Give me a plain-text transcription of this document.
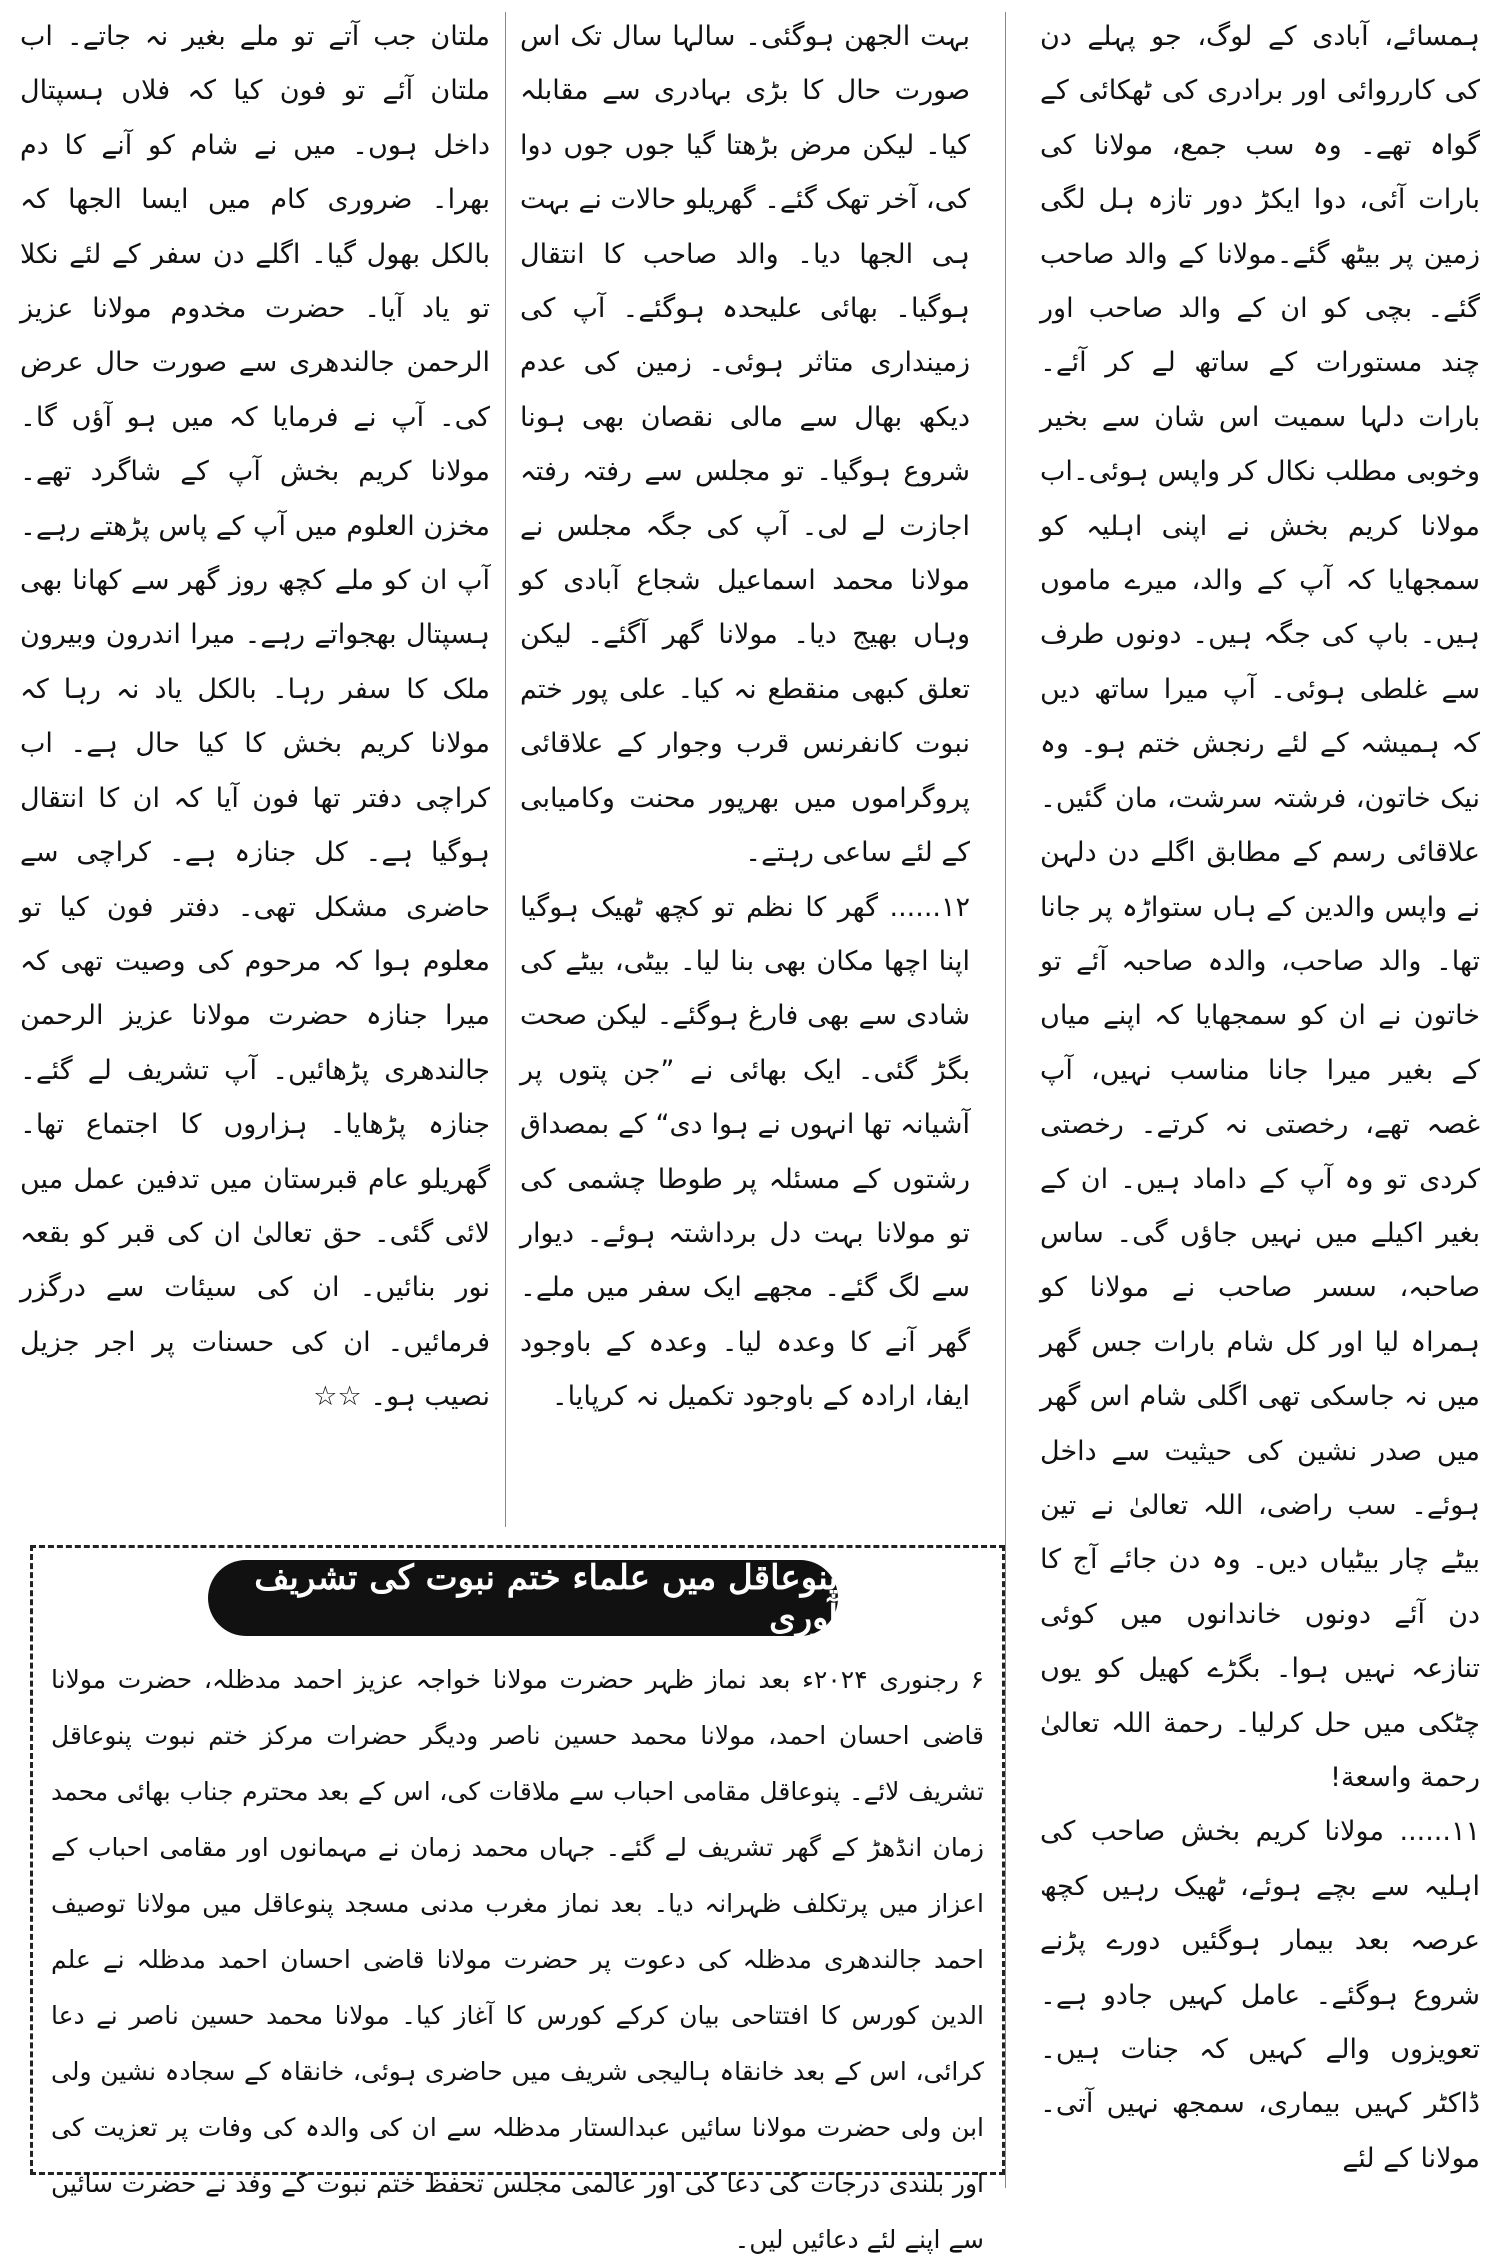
ہمسائے، آبادی کے لوگ، جو پہلے دن کی کارروائی اور برادری کی ٹھکائی کے گواہ تھے۔ وہ سب جمع، مولانا کی بارات آئی، دوا ایکڑ دور تازہ ہل لگی زمین پر بیٹھ گئے۔مولانا کے والد صاحب گئے۔ بچی کو ان کے والد صاحب اور چند مستورات کے ساتھ لے کر آئے۔ بارات دلہا سمیت اس شان سے بخیر وخوبی مطلب نکال کر واپس ہوئی۔اب مولانا کریم بخش نے اپنی اہلیہ کو سمجھایا کہ آپ کے والد، میرے ماموں ہیں۔ باپ کی جگہ ہیں۔ دونوں طرف سے غلطی ہوئی۔ آپ میرا ساتھ دیں کہ ہمیشہ کے لئے رنجش ختم ہو۔ وہ نیک خاتون، فرشتہ سرشت، مان گئیں۔ علاقائی رسم کے مطابق اگلے دن دلہن نے واپس والدین کے ہاں ستواڑہ پر جانا تھا۔ والد صاحب، والدہ صاحبہ آئے تو خاتون نے ان کو سمجھایا کہ اپنے میاں کے بغیر میرا جانا مناسب نہیں، آپ غصہ تھے، رخصتی نہ کرتے۔ رخصتی کردی تو وہ آپ کے داماد ہیں۔ ان کے بغیر اکیلے میں نہیں جاؤں گی۔ ساس صاحبہ، سسر صاحب نے مولانا کو ہمراہ لیا اور کل شام بارات جس گھر میں نہ جاسکی تھی اگلی شام اس گھر میں صدر نشین کی حیثیت سے داخل ہوئے۔ سب راضی، اللہ تعالیٰ نے تین بیٹے چار بیٹیاں دیں۔ وہ دن جائے آج کا دن آئے دونوں خاندانوں میں کوئی تنازعہ نہیں ہوا۔ بگڑے کھیل کو یوں چٹکی میں حل کرلیا۔ رحمة اللہ تعالیٰ رحمة واسعة!

۱۱...... مولانا کریم بخش صاحب کی اہلیہ سے بچے ہوئے، ٹھیک رہیں کچھ عرصہ بعد بیمار ہوگئیں دورے پڑنے شروع ہوگئے۔ عامل کہیں جادو ہے۔ تعویزوں والے کہیں کہ جنات ہیں۔ ڈاکٹر کہیں بیماری، سمجھ نہیں آتی۔ مولانا کے لئے

بہت الجھن ہوگئی۔ سالہا سال تک اس صورت حال کا بڑی بہادری سے مقابلہ کیا۔ لیکن مرض بڑھتا گیا جوں جوں دوا کی، آخر تھک گئے۔ گھریلو حالات نے بہت ہی الجھا دیا۔ والد صاحب کا انتقال ہوگیا۔ بھائی علیحدہ ہوگئے۔ آپ کی زمینداری متاثر ہوئی۔ زمین کی عدم دیکھ بھال سے مالی نقصان بھی ہونا شروع ہوگیا۔ تو مجلس سے رفتہ رفتہ اجازت لے لی۔ آپ کی جگہ مجلس نے مولانا محمد اسماعیل شجاع آبادی کو وہاں بھیج دیا۔ مولانا گھر آگئے۔ لیکن تعلق کبھی منقطع نہ کیا۔ علی پور ختم نبوت کانفرنس قرب وجوار کے علاقائی پروگراموں میں بھرپور محنت وکامیابی کے لئے ساعی رہتے۔

۱۲...... گھر کا نظم تو کچھ ٹھیک ہوگیا اپنا اچھا مکان بھی بنا لیا۔ بیٹی، بیٹے کی شادی سے بھی فارغ ہوگئے۔ لیکن صحت بگڑ گئی۔ ایک بھائی نے ”جن پتوں پر آشیانہ تھا انہوں نے ہوا دی“ کے بمصداق رشتوں کے مسئلہ پر طوطا چشمی کی تو مولانا بہت دل برداشتہ ہوئے۔ دیوار سے لگ گئے۔ مجھے ایک سفر میں ملے۔ گھر آنے کا وعدہ لیا۔ وعدہ کے باوجود ایفا، ارادہ کے باوجود تکمیل نہ کرپایا۔

ملتان جب آتے تو ملے بغیر نہ جاتے۔ اب ملتان آئے تو فون کیا کہ فلاں ہسپتال داخل ہوں۔ میں نے شام کو آنے کا دم بھرا۔ ضروری کام میں ایسا الجھا کہ بالکل بھول گیا۔ اگلے دن سفر کے لئے نکلا تو یاد آیا۔ حضرت مخدوم مولانا عزیز الرحمن جالندھری سے صورت حال عرض کی۔ آپ نے فرمایا کہ میں ہو آؤں گا۔ مولانا کریم بخش آپ کے شاگرد تھے۔ مخزن العلوم میں آپ کے پاس پڑھتے رہے۔ آپ ان کو ملے کچھ روز گھر سے کھانا بھی ہسپتال بھجواتے رہے۔ میرا اندرون وبیرون ملک کا سفر رہا۔ بالکل یاد نہ رہا کہ مولانا کریم بخش کا کیا حال ہے۔ اب کراچی دفتر تھا فون آیا کہ ان کا انتقال ہوگیا ہے۔ کل جنازہ ہے۔ کراچی سے حاضری مشکل تھی۔ دفتر فون کیا تو معلوم ہوا کہ مرحوم کی وصیت تھی کہ میرا جنازہ حضرت مولانا عزیز الرحمن جالندھری پڑھائیں۔ آپ تشریف لے گئے۔ جنازہ پڑھایا۔ ہزاروں کا اجتماع تھا۔ گھریلو عام قبرستان میں تدفین عمل میں لائی گئی۔ حق تعالیٰ ان کی قبر کو بقعہ نور بنائیں۔ ان کی سیئات سے درگزر فرمائیں۔ ان کی حسنات پر اجر جزیل نصیب ہو۔ ☆☆

پنوعاقل میں علماء ختم نبوت کی تشریف آوری

۶ رجنوری ۲۰۲۴ء بعد نماز ظہر حضرت مولانا خواجہ عزیز احمد مدظلہ، حضرت مولانا قاضی احسان احمد، مولانا محمد حسین ناصر ودیگر حضرات مرکز ختم نبوت پنوعاقل تشریف لائے۔ پنوعاقل مقامی احباب سے ملاقات کی، اس کے بعد محترم جناب بھائی محمد زمان انڈھڑ کے گھر تشریف لے گئے۔ جہاں محمد زمان نے مہمانوں اور مقامی احباب کے اعزاز میں پرتکلف ظہرانہ دیا۔ بعد نماز مغرب مدنی مسجد پنوعاقل میں مولانا توصیف احمد جالندھری مدظلہ کی دعوت پر حضرت مولانا قاضی احسان احمد مدظلہ نے علم الدین کورس کا افتتاحی بیان کرکے کورس کا آغاز کیا۔ مولانا محمد حسین ناصر نے دعا کرائی، اس کے بعد خانقاہ ہالیجی شریف میں حاضری ہوئی، خانقاہ کے سجادہ نشین ولی ابن ولی حضرت مولانا سائیں عبدالستار مدظلہ سے ان کی والدہ کی وفات پر تعزیت کی اور بلندی درجات کی دعا کی اور عالمی مجلس تحفظ ختم نبوت کے وفد نے حضرت سائیں سے اپنے لئے دعائیں لیں۔
